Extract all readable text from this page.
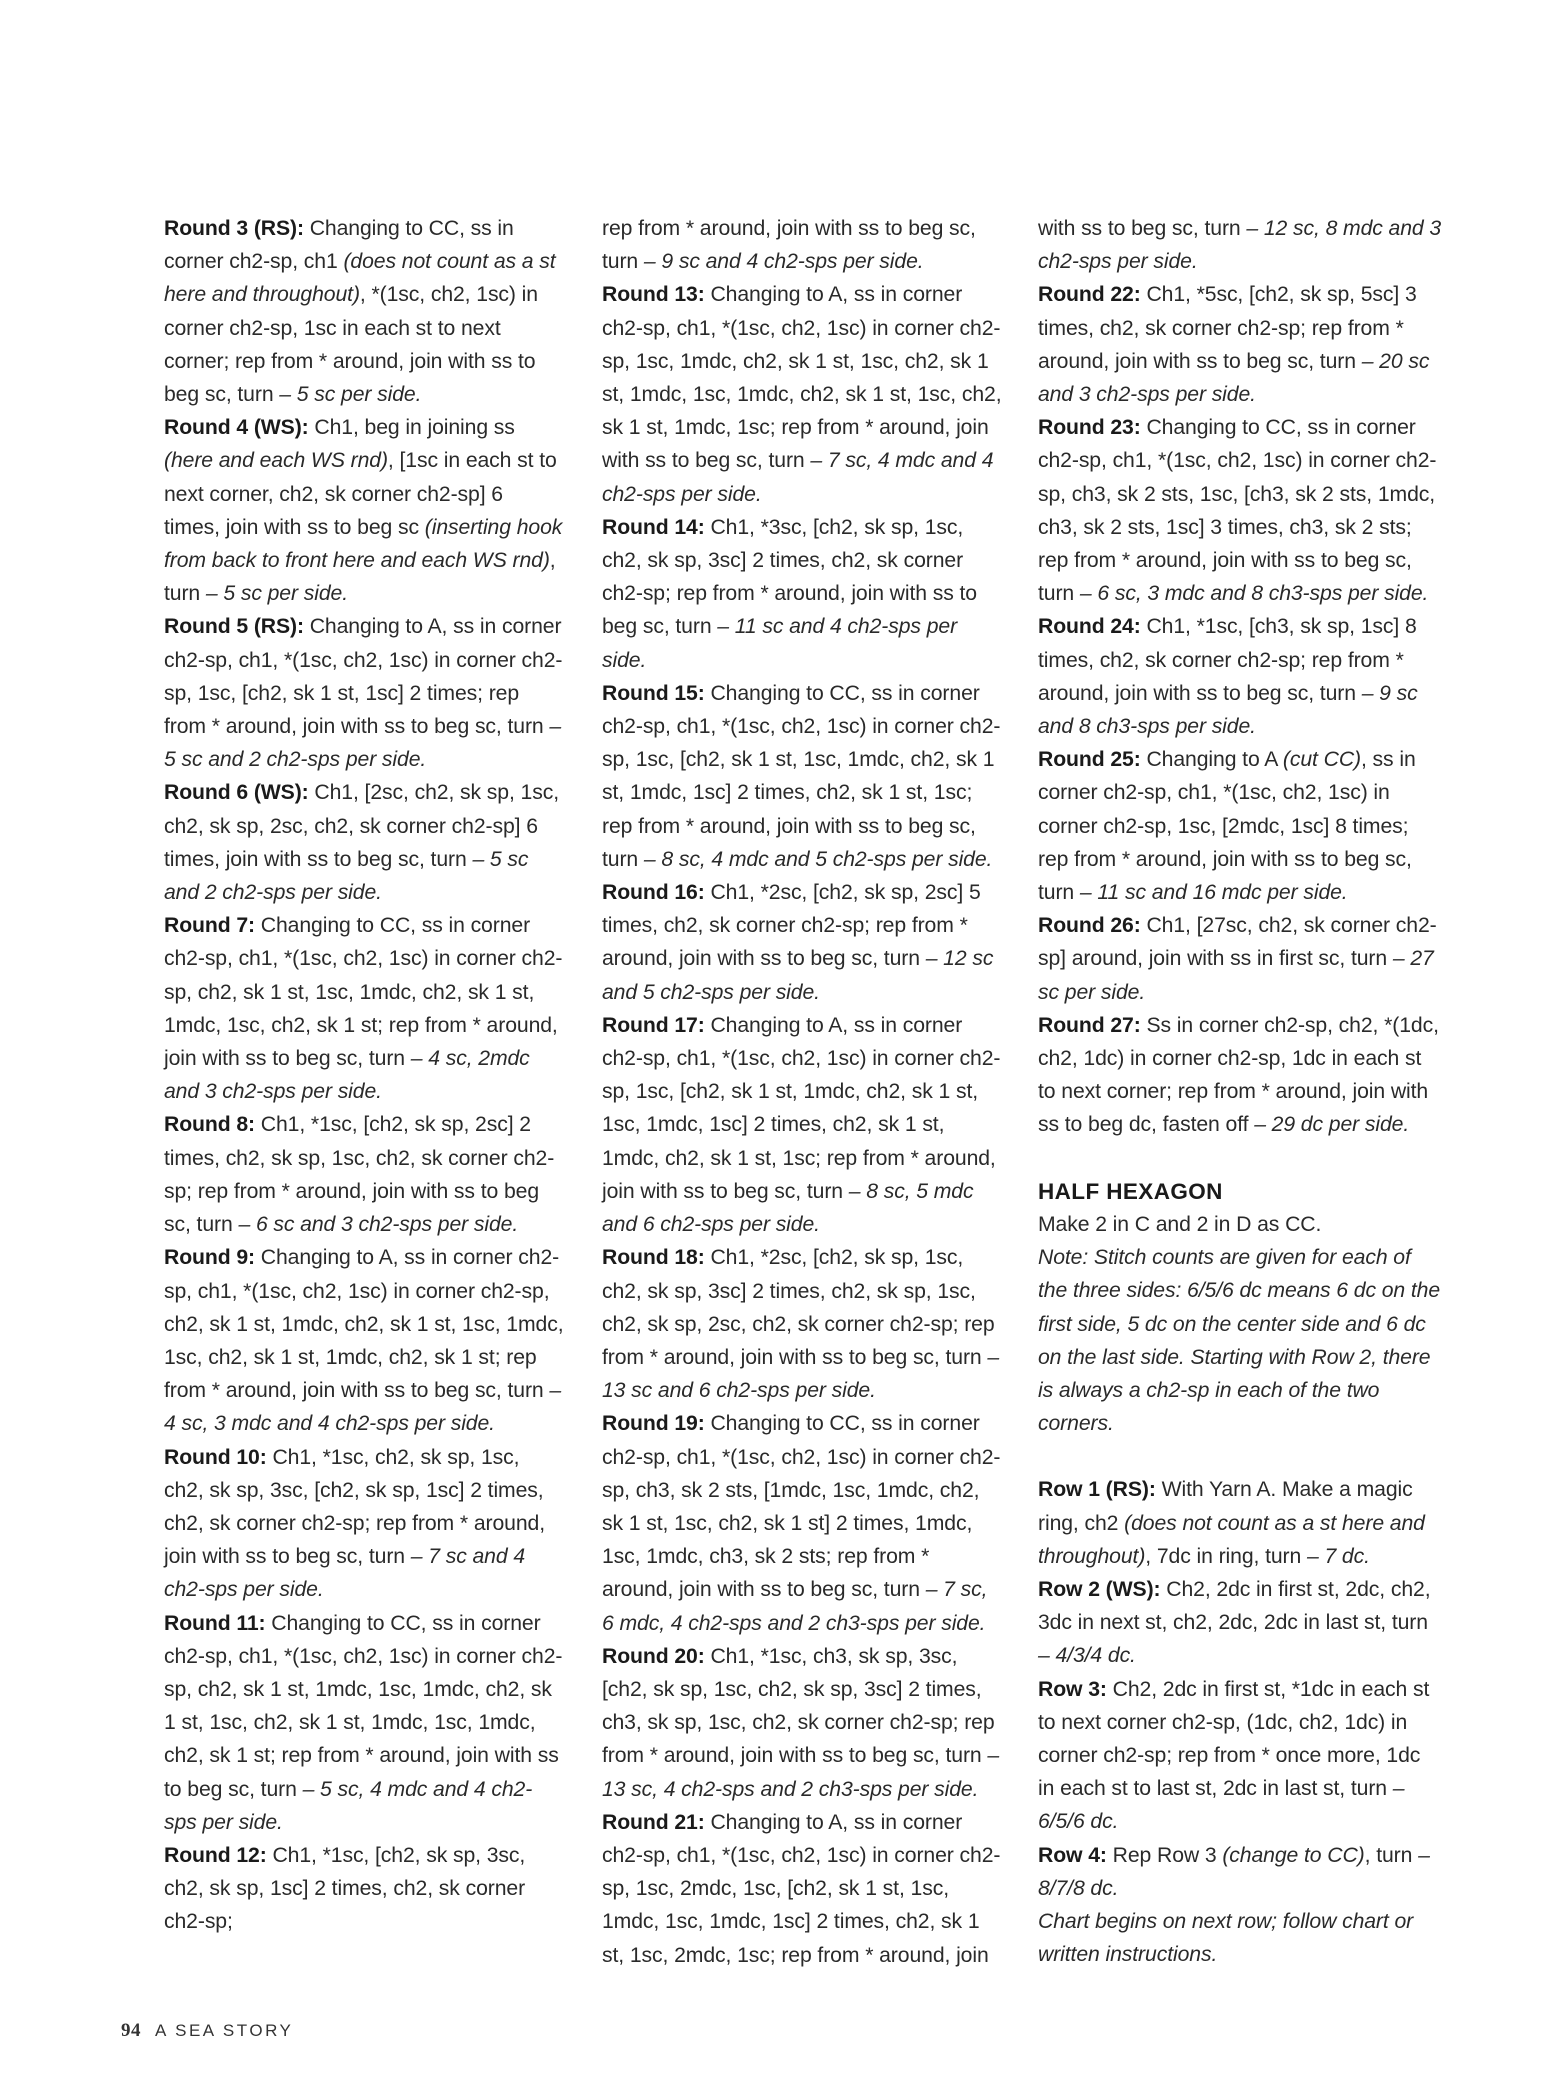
Round 3 (RS): Changing to CC, ss in corner ch2-sp, ch1 (does not count as a st here and throughout), *(1sc, ch2, 1sc) in corner ch2-sp, 1sc in each st to next corner; rep from * around, join with ss to beg sc, turn – 5 sc per side.
Round 4 (WS): Ch1, beg in joining ss (here and each WS rnd), [1sc in each st to next corner, ch2, sk corner ch2-sp] 6 times, join with ss to beg sc (inserting hook from back to front here and each WS rnd), turn – 5 sc per side.
Round 5 (RS): Changing to A, ss in corner ch2-sp, ch1, *(1sc, ch2, 1sc) in corner ch2-sp, 1sc, [ch2, sk 1 st, 1sc] 2 times; rep from * around, join with ss to beg sc, turn – 5 sc and 2 ch2-sps per side.
Round 6 (WS): Ch1, [2sc, ch2, sk sp, 1sc, ch2, sk sp, 2sc, ch2, sk corner ch2-sp] 6 times, join with ss to beg sc, turn – 5 sc and 2 ch2-sps per side.
Round 7: Changing to CC, ss in corner ch2-sp, ch1, *(1sc, ch2, 1sc) in corner ch2-sp, ch2, sk 1 st, 1sc, 1mdc, ch2, sk 1 st, 1mdc, 1sc, ch2, sk 1 st; rep from * around, join with ss to beg sc, turn – 4 sc, 2mdc and 3 ch2-sps per side.
Round 8: Ch1, *1sc, [ch2, sk sp, 2sc] 2 times, ch2, sk sp, 1sc, ch2, sk corner ch2-sp; rep from * around, join with ss to beg sc, turn – 6 sc and 3 ch2-sps per side.
Round 9: Changing to A, ss in corner ch2-sp, ch1, *(1sc, ch2, 1sc) in corner ch2-sp, ch2, sk 1 st, 1mdc, ch2, sk 1 st, 1sc, 1mdc, 1sc, ch2, sk 1 st, 1mdc, ch2, sk 1 st; rep from * around, join with ss to beg sc, turn – 4 sc, 3 mdc and 4 ch2-sps per side.
Round 10: Ch1, *1sc, ch2, sk sp, 1sc, ch2, sk sp, 3sc, [ch2, sk sp, 1sc] 2 times, ch2, sk corner ch2-sp; rep from * around, join with ss to beg sc, turn – 7 sc and 4 ch2-sps per side.
Round 11: Changing to CC, ss in corner ch2-sp, ch1, *(1sc, ch2, 1sc) in corner ch2-sp, ch2, sk 1 st, 1mdc, 1sc, 1mdc, ch2, sk 1 st, 1sc, ch2, sk 1 st, 1mdc, 1sc, 1mdc, ch2, sk 1 st; rep from * around, join with ss to beg sc, turn – 5 sc, 4 mdc and 4 ch2-sps per side.
Round 12: Ch1, *1sc, [ch2, sk sp, 3sc, ch2, sk sp, 1sc] 2 times, ch2, sk corner ch2-sp;
rep from * around, join with ss to beg sc, turn – 9 sc and 4 ch2-sps per side.
Round 13: Changing to A, ss in corner ch2-sp, ch1, *(1sc, ch2, 1sc) in corner ch2-sp, 1sc, 1mdc, ch2, sk 1 st, 1sc, ch2, sk 1 st, 1mdc, 1sc, 1mdc, ch2, sk 1 st, 1sc, ch2, sk 1 st, 1mdc, 1sc; rep from * around, join with ss to beg sc, turn – 7 sc, 4 mdc and 4 ch2-sps per side.
Round 14: Ch1, *3sc, [ch2, sk sp, 1sc, ch2, sk sp, 3sc] 2 times, ch2, sk corner ch2-sp; rep from * around, join with ss to beg sc, turn – 11 sc and 4 ch2-sps per side.
Round 15: Changing to CC, ss in corner ch2-sp, ch1, *(1sc, ch2, 1sc) in corner ch2-sp, 1sc, [ch2, sk 1 st, 1sc, 1mdc, ch2, sk 1 st, 1mdc, 1sc] 2 times, ch2, sk 1 st, 1sc; rep from * around, join with ss to beg sc, turn – 8 sc, 4 mdc and 5 ch2-sps per side.
Round 16: Ch1, *2sc, [ch2, sk sp, 2sc] 5 times, ch2, sk corner ch2-sp; rep from * around, join with ss to beg sc, turn – 12 sc and 5 ch2-sps per side.
Round 17: Changing to A, ss in corner ch2-sp, ch1, *(1sc, ch2, 1sc) in corner ch2-sp, 1sc, [ch2, sk 1 st, 1mdc, ch2, sk 1 st, 1sc, 1mdc, 1sc] 2 times, ch2, sk 1 st, 1mdc, ch2, sk 1 st, 1sc; rep from * around, join with ss to beg sc, turn – 8 sc, 5 mdc and 6 ch2-sps per side.
Round 18: Ch1, *2sc, [ch2, sk sp, 1sc, ch2, sk sp, 3sc] 2 times, ch2, sk sp, 1sc, ch2, sk sp, 2sc, ch2, sk corner ch2-sp; rep from * around, join with ss to beg sc, turn – 13 sc and 6 ch2-sps per side.
Round 19: Changing to CC, ss in corner ch2-sp, ch1, *(1sc, ch2, 1sc) in corner ch2-sp, ch3, sk 2 sts, [1mdc, 1sc, 1mdc, ch2, sk 1 st, 1sc, ch2, sk 1 st] 2 times, 1mdc, 1sc, 1mdc, ch3, sk 2 sts; rep from * around, join with ss to beg sc, turn – 7 sc, 6 mdc, 4 ch2-sps and 2 ch3-sps per side.
Round 20: Ch1, *1sc, ch3, sk sp, 3sc, [ch2, sk sp, 1sc, ch2, sk sp, 3sc] 2 times, ch3, sk sp, 1sc, ch2, sk corner ch2-sp; rep from * around, join with ss to beg sc, turn – 13 sc, 4 ch2-sps and 2 ch3-sps per side.
Round 21: Changing to A, ss in corner ch2-sp, ch1, *(1sc, ch2, 1sc) in corner ch2-sp, 1sc, 2mdc, 1sc, [ch2, sk 1 st, 1sc, 1mdc, 1sc, 1mdc, 1sc] 2 times, ch2, sk 1 st, 1sc, 2mdc, 1sc; rep from * around, join
with ss to beg sc, turn – 12 sc, 8 mdc and 3 ch2-sps per side.
Round 22: Ch1, *5sc, [ch2, sk sp, 5sc] 3 times, ch2, sk corner ch2-sp; rep from * around, join with ss to beg sc, turn – 20 sc and 3 ch2-sps per side.
Round 23: Changing to CC, ss in corner ch2-sp, ch1, *(1sc, ch2, 1sc) in corner ch2-sp, ch3, sk 2 sts, 1sc, [ch3, sk 2 sts, 1mdc, ch3, sk 2 sts, 1sc] 3 times, ch3, sk 2 sts; rep from * around, join with ss to beg sc, turn – 6 sc, 3 mdc and 8 ch3-sps per side.
Round 24: Ch1, *1sc, [ch3, sk sp, 1sc] 8 times, ch2, sk corner ch2-sp; rep from * around, join with ss to beg sc, turn – 9 sc and 8 ch3-sps per side.
Round 25: Changing to A (cut CC), ss in corner ch2-sp, ch1, *(1sc, ch2, 1sc) in corner ch2-sp, 1sc, [2mdc, 1sc] 8 times; rep from * around, join with ss to beg sc, turn – 11 sc and 16 mdc per side.
Round 26: Ch1, [27sc, ch2, sk corner ch2-sp] around, join with ss in first sc, turn – 27 sc per side.
Round 27: Ss in corner ch2-sp, ch2, *(1dc, ch2, 1dc) in corner ch2-sp, 1dc in each st to next corner; rep from * around, join with ss to beg dc, fasten off – 29 dc per side.
HALF HEXAGON
Make 2 in C and 2 in D as CC.
Note: Stitch counts are given for each of the three sides: 6/5/6 dc means 6 dc on the first side, 5 dc on the center side and 6 dc on the last side. Starting with Row 2, there is always a ch2-sp in each of the two corners.
Row 1 (RS): With Yarn A. Make a magic ring, ch2 (does not count as a st here and throughout), 7dc in ring, turn – 7 dc.
Row 2 (WS): Ch2, 2dc in first st, 2dc, ch2, 3dc in next st, ch2, 2dc, 2dc in last st, turn – 4/3/4 dc.
Row 3: Ch2, 2dc in first st, *1dc in each st to next corner ch2-sp, (1dc, ch2, 1dc) in corner ch2-sp; rep from * once more, 1dc in each st to last st, 2dc in last st, turn – 6/5/6 dc.
Row 4: Rep Row 3 (change to CC), turn – 8/7/8 dc.
Chart begins on next row; follow chart or written instructions.
94 A SEA STORY
